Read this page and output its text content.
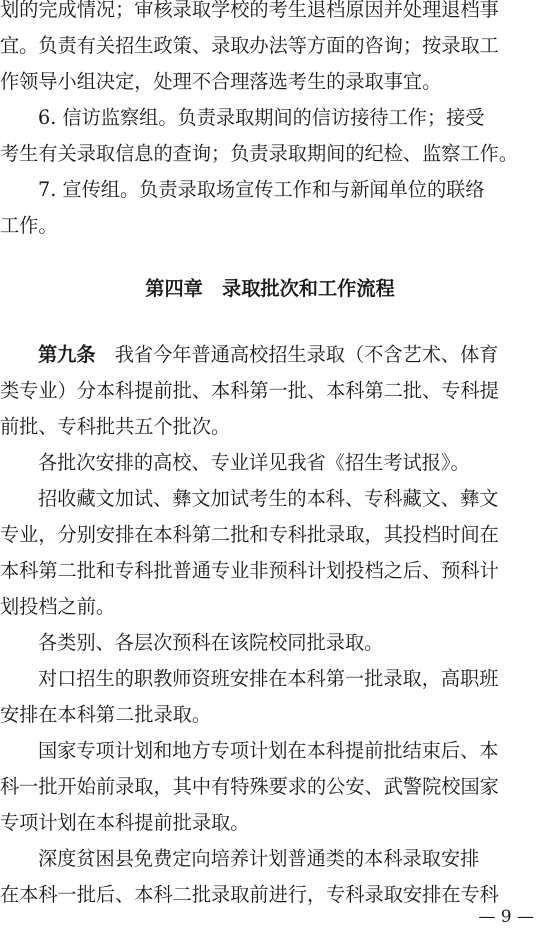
划的完成情况；审核录取学校的考生退档原因并处理退档事
宜。负责有关招生政策、录取办法等方面的咨询；按录取工
作领导小组决定，处理不合理落选考生的录取事宜。
6. 信访监察组。负责录取期间的信访接待工作；接受
考生有关录取信息的查询；负责录取期间的纪检、监察工作。
7. 宣传组。负责录取场宣传工作和与新闻单位的联络
工作。
第四章　录取批次和工作流程
第九条　我省今年普通高校招生录取（不含艺术、体育
类专业）分本科提前批、本科第一批、本科第二批、专科提
前批、专科批共五个批次。
各批次安排的高校、专业详见我省《招生考试报》。
招收藏文加试、彝文加试考生的本科、专科藏文、彝文
专业，分别安排在本科第二批和专科批录取，其投档时间在
本科第二批和专科批普通专业非预科计划投档之后、预科计
划投档之前。
各类别、各层次预科在该院校同批录取。
对口招生的职教师资班安排在本科第一批录取，高职班
安排在本科第二批录取。
国家专项计划和地方专项计划在本科提前批结束后、本
科一批开始前录取，其中有特殊要求的公安、武警院校国家
专项计划在本科提前批录取。
深度贫困县免费定向培养计划普通类的本科录取安排
在本科一批后、本科二批录取前进行，专科录取安排在专科
— 9 —
